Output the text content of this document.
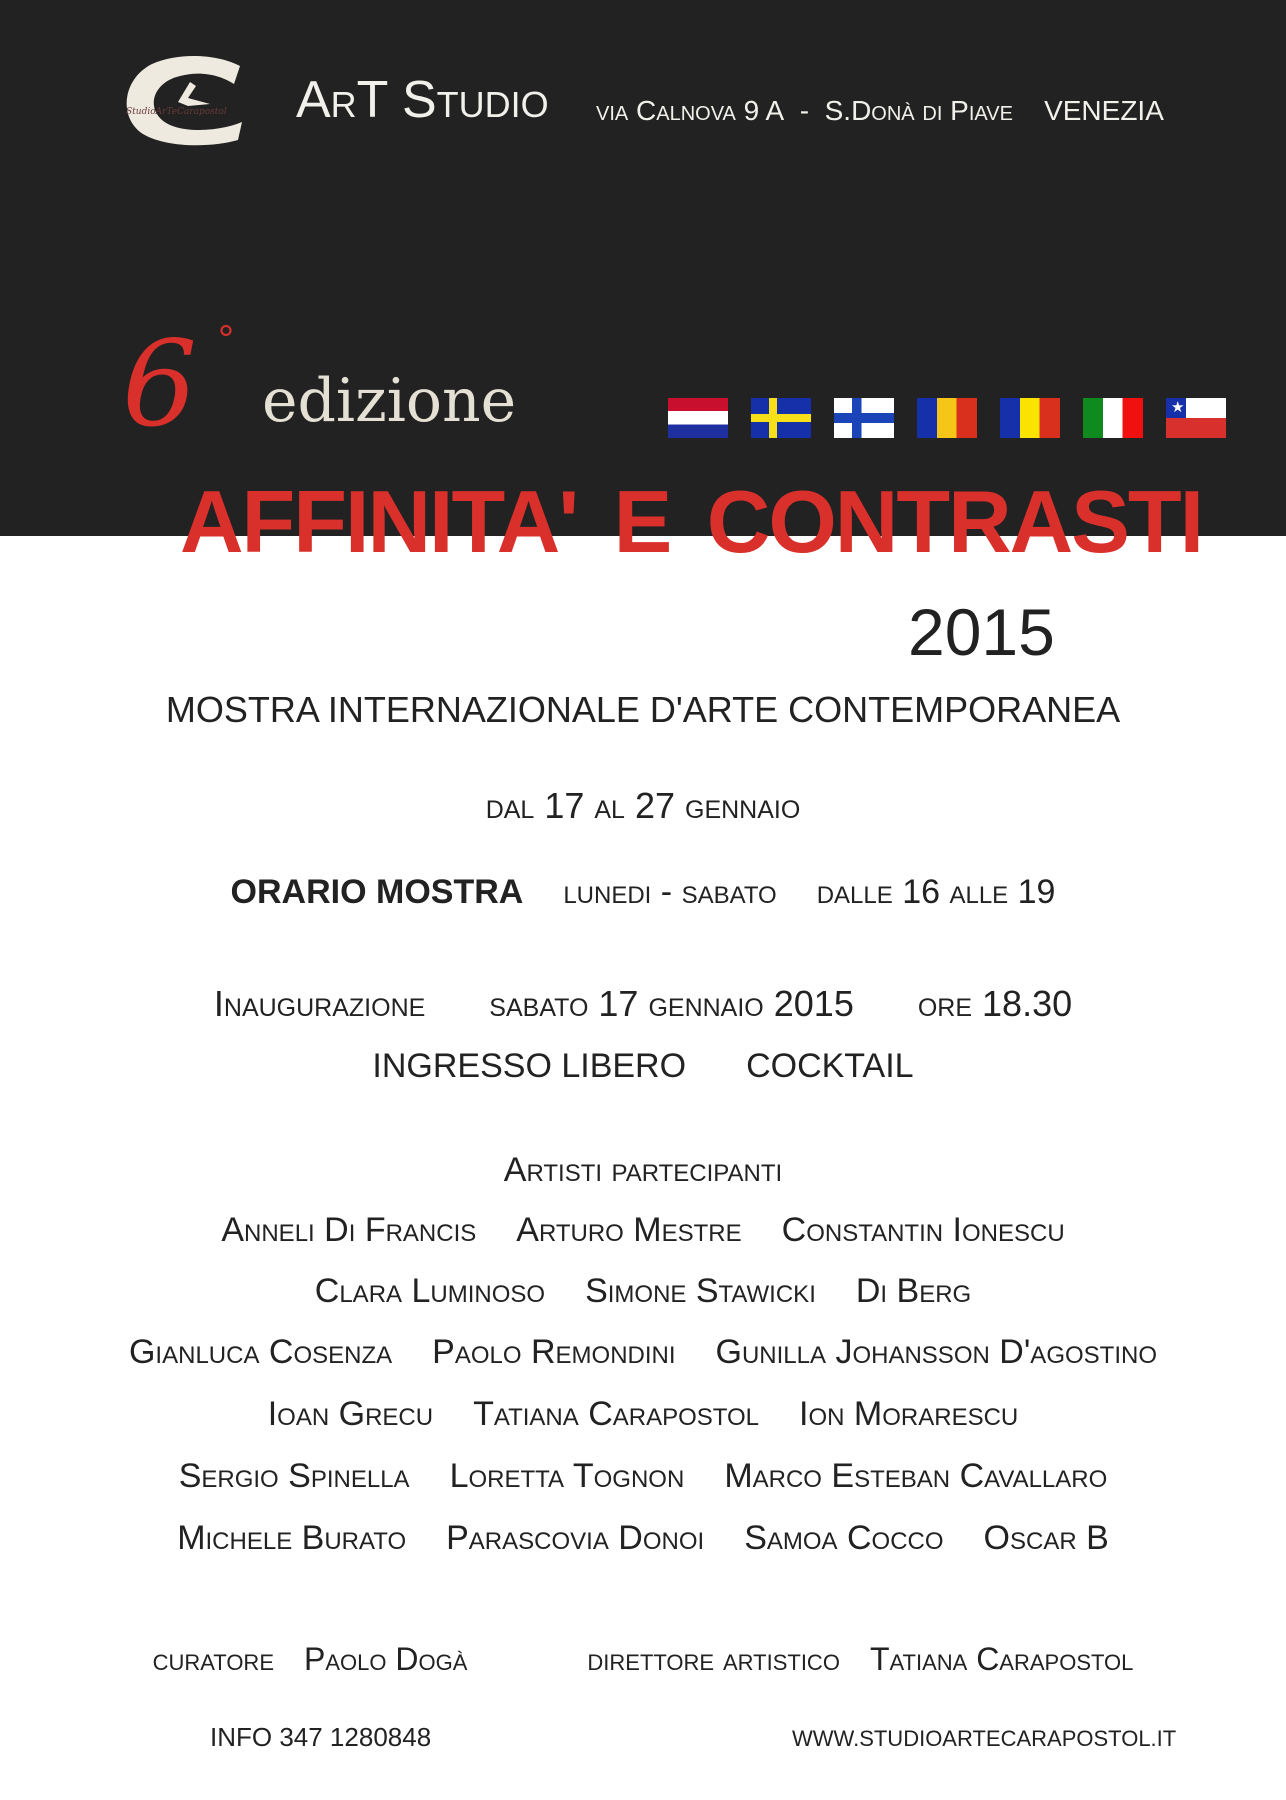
StudioArTeCarapostol ArT Studio via Calnova 9 A - S.Donà di Piave VENEZIA
6 °
edizione	★
AFFINITA' E CONTRASTI
2015
MOSTRA INTERNAZIONALE D'ARTE CONTEMPORANEA
dal 17 al 27 gennaio
ORARIO MOSTRA lunedi - sabato dalle 16 alle 19
Inaugurazione sabato 17 gennaio 2015 ore 18.30
INGRESSO LIBERO COCKTAIL
Artisti partecipanti
Anneli Di Francis Arturo Mestre Constantin Ionescu
Clara Luminoso Simone Stawicki Di Berg
Gianluca Cosenza Paolo Remondini Gunilla Johansson D'agostino
Ioan Grecu Tatiana Carapostol Ion Morarescu
Sergio Spinella Loretta Tognon Marco Esteban Cavallaro
Michele Burato Parascovia Donoi Samoa Cocco Oscar B
curatore Paolo Dogà	direttore artistico Tatiana Carapostol
INFO 347 1280848	WWW.STUDIOARTECARAPOSTOL.IT
